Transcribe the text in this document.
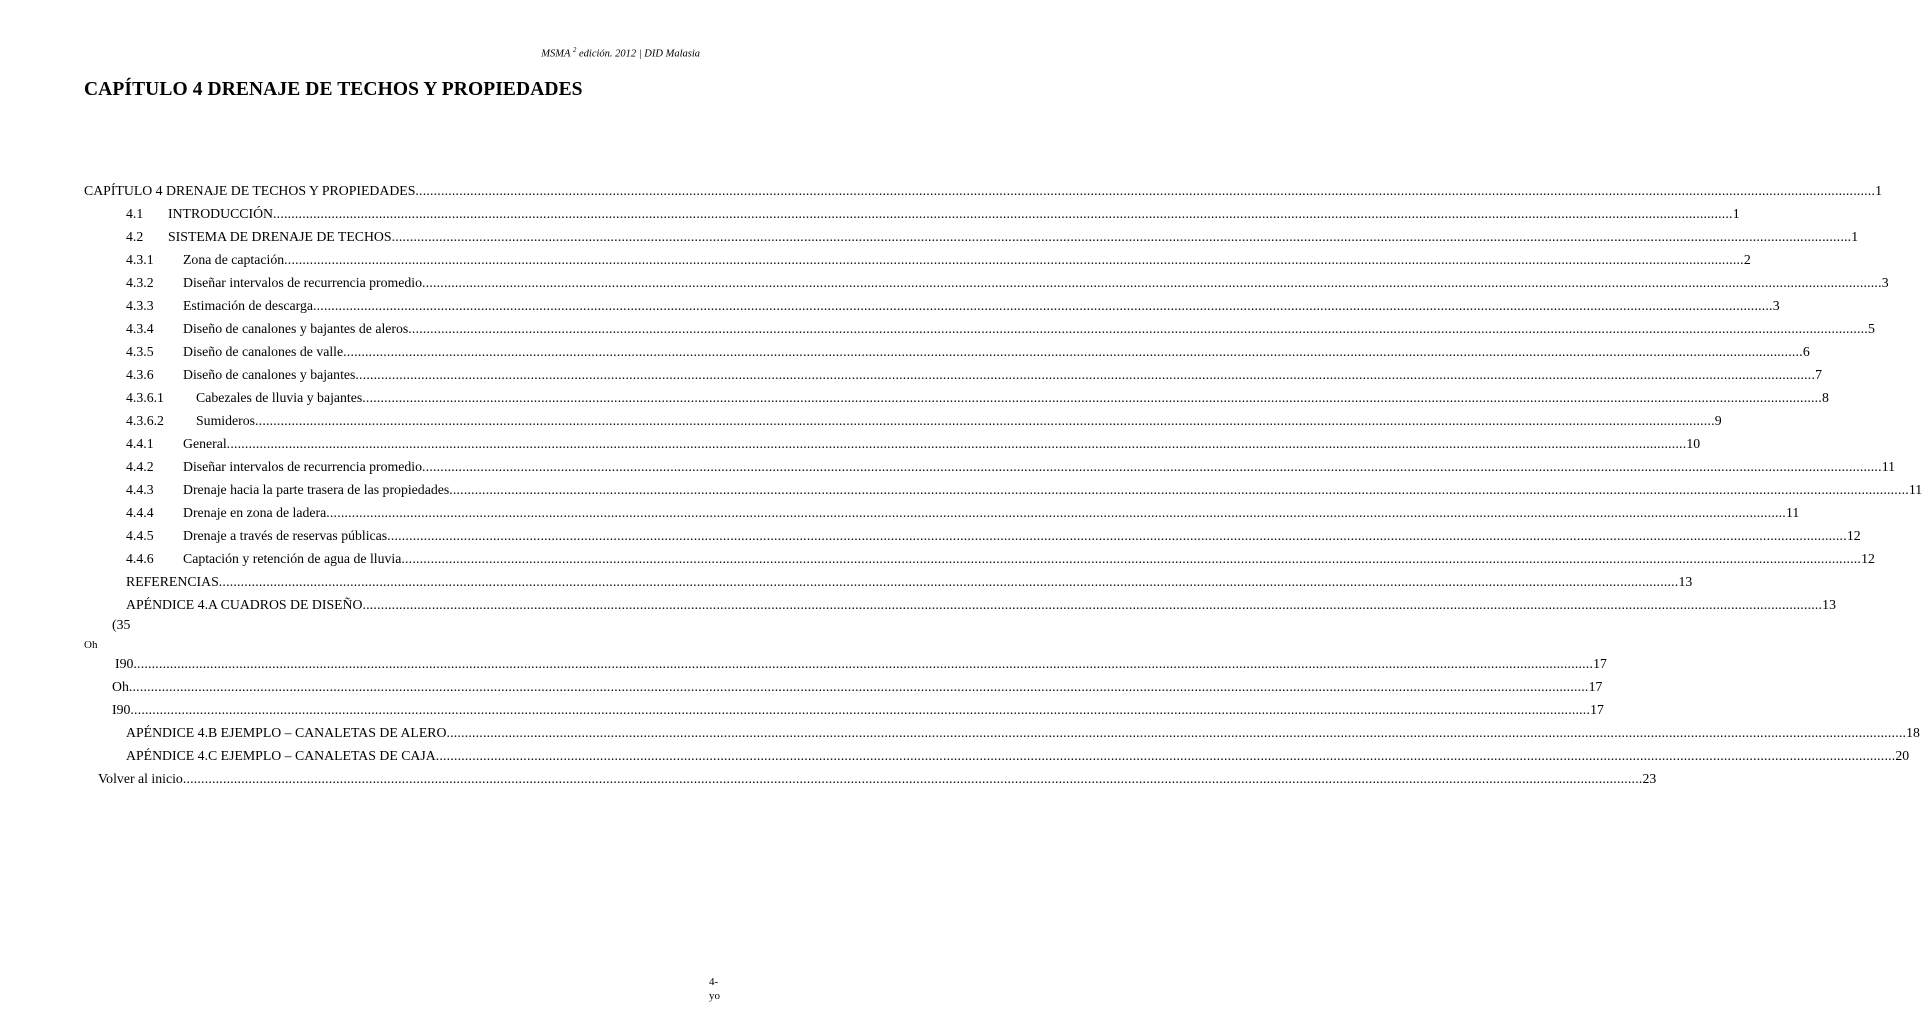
MSMA $^2$ edición. 2012 | DID Malasia
CAPÍTULO 4 DRENAJE DE TECHOS Y PROPIEDADES
CAPÍTULO 4 DRENAJE DE TECHOS Y PROPIEDADES ................................................................................................................................................................................................................................................................................................................................................................................................................ 1
4.1	INTRODUCCIÓN ................................................................................................................................................................................................................................................................................................................................................................................................................ 1
4.2	SISTEMA DE DRENAJE DE TECHOS ................................................................................................................................................................................................................................................................................................................................................................................................................ 1
4.3.1	Zona de captación ................................................................................................................................................................................................................................................................................................................................................................................................................ 2
4.3.2	Diseñar intervalos de recurrencia promedio ................................................................................................................................................................................................................................................................................................................................................................................................................ 3
4.3.3	Estimación de descarga ................................................................................................................................................................................................................................................................................................................................................................................................................ 3
4.3.4	Diseño de canalones y bajantes de aleros ................................................................................................................................................................................................................................................................................................................................................................................................................ 5
4.3.5	Diseño de canalones de valle ................................................................................................................................................................................................................................................................................................................................................................................................................ 6
4.3.6	Diseño de canalones y bajantes ................................................................................................................................................................................................................................................................................................................................................................................................................ 7
4.3.6.1	Cabezales de lluvia y bajantes ................................................................................................................................................................................................................................................................................................................................................................................................................ 8
4.3.6.2	Sumideros ................................................................................................................................................................................................................................................................................................................................................................................................................ 9
4.4.1	General ................................................................................................................................................................................................................................................................................................................................................................................................................ 10
4.4.2	Diseñar intervalos de recurrencia promedio ................................................................................................................................................................................................................................................................................................................................................................................................................ 11
4.4.3	Drenaje hacia la parte trasera de las propiedades ................................................................................................................................................................................................................................................................................................................................................................................................................ 11
4.4.4	Drenaje en zona de ladera ................................................................................................................................................................................................................................................................................................................................................................................................................ 11
4.4.5	Drenaje a través de reservas públicas ................................................................................................................................................................................................................................................................................................................................................................................................................ 12
4.4.6	Captación y retención de agua de lluvia ................................................................................................................................................................................................................................................................................................................................................................................................................ 12
REFERENCIAS ................................................................................................................................................................................................................................................................................................................................................................................................................ 13
APÉNDICE 4.A CUADROS DE DISEÑO ................................................................................................................................................................................................................................................................................................................................................................................................................ 13
I90 ................................................................................................................................................................................................................................................................................................................................................................................................................ 17
Oh ................................................................................................................................................................................................................................................................................................................................................................................................................ 17
I90 ................................................................................................................................................................................................................................................................................................................................................................................................................ 17
APÉNDICE 4.B EJEMPLO – CANALETAS DE ALERO ................................................................................................................................................................................................................................................................................................................................................................................................................ 18
APÉNDICE 4.C EJEMPLO – CANALETAS DE CAJA ................................................................................................................................................................................................................................................................................................................................................................................................................ 20
Volver al inicio ................................................................................................................................................................................................................................................................................................................................................................................................................ 23
(35
Oh
4-
yo
